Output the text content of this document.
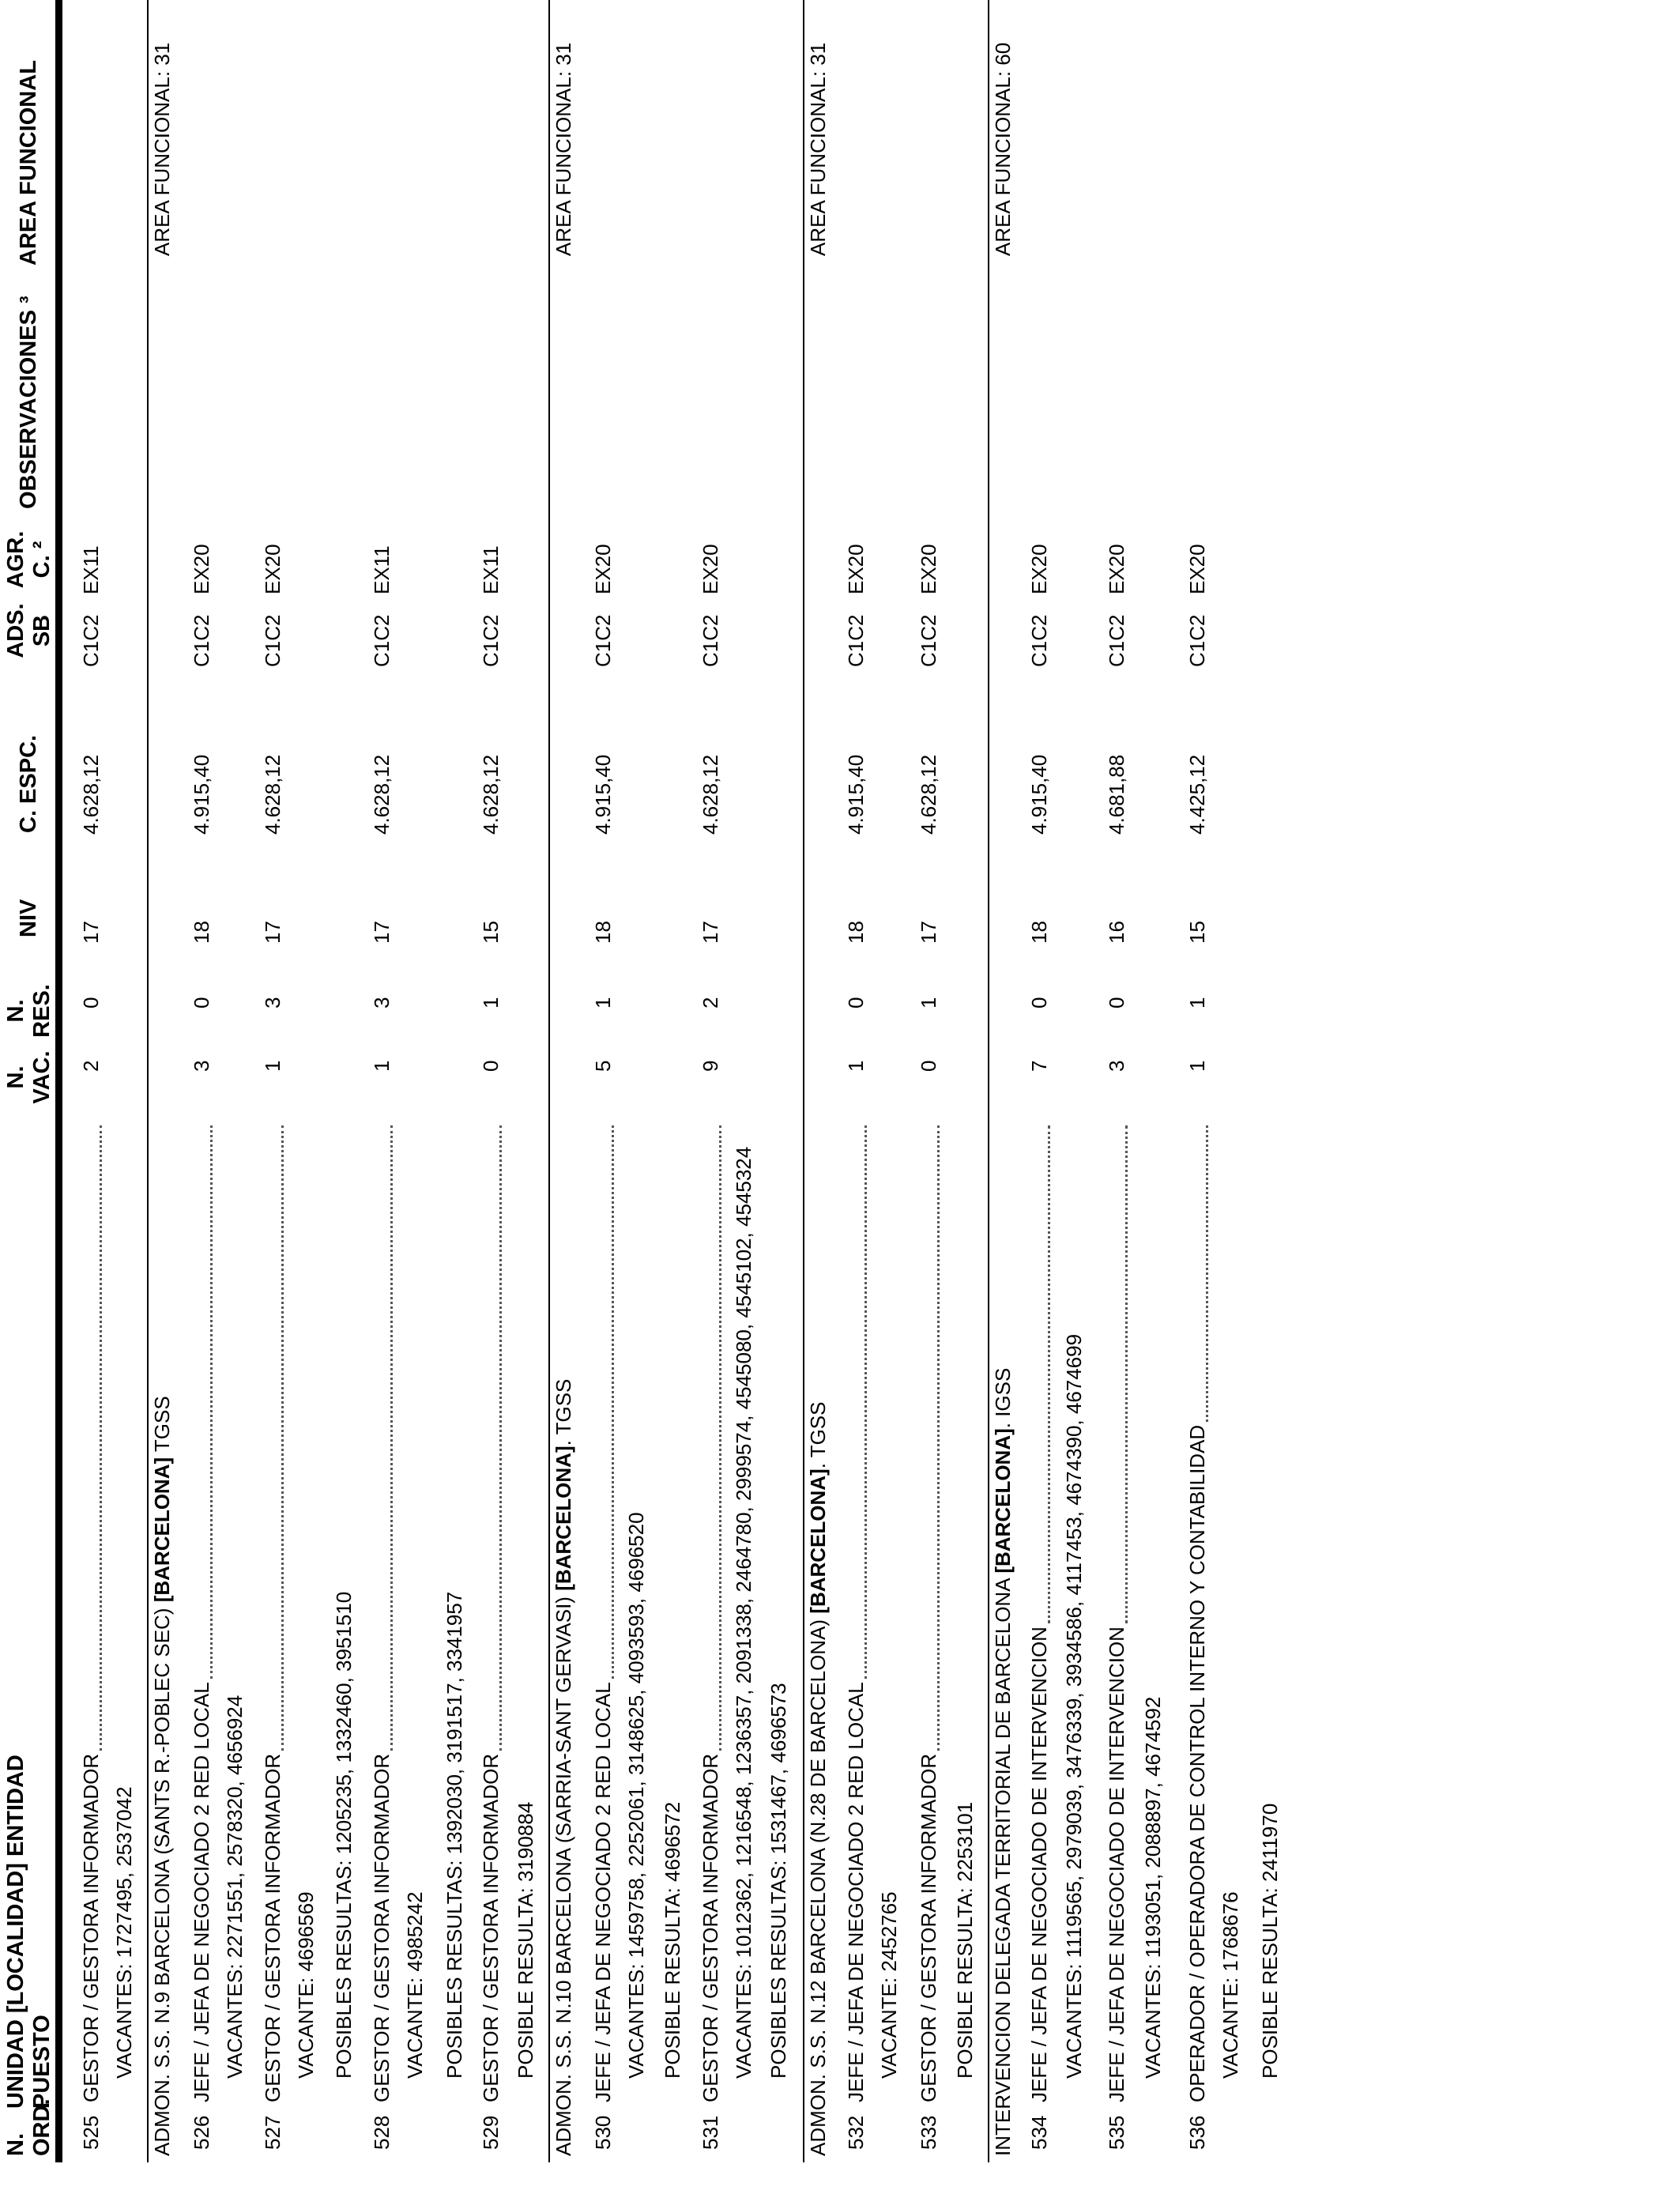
N.
ORD.
UNIDAD [LOCALIDAD] ENTIDAD
PUESTO
N.
VAC.
N.
RES.
NIV
C. ESPC.
ADS.
SB
AGR.
C. ²
OBSERVACIONES ³
AREA FUNCIONAL
525
GESTOR / GESTORA INFORMADOR
2
0
17
4.628,12
C1C2
EX11
VACANTES: 1727495, 2537042 ADMON. S.S. N.9 BARCELONA (SANTS R.-POBLEC SEC) [BARCELONA] TGSS
AREA FUNCIONAL: 31
526
JEFE / JEFA DE NEGOCIADO 2 RED LOCAL
3
0
18
4.915,40
C1C2
EX20
VACANTES: 2271551, 2578320, 4656924
527
GESTOR / GESTORA INFORMADOR
1
3
17
4.628,12
C1C2
EX20
VACANTE: 4696569 POSIBLES RESULTAS: 1205235, 1332460, 3951510
528
GESTOR / GESTORA INFORMADOR
1
3
17
4.628,12
C1C2
EX11
VACANTE: 4985242 POSIBLES RESULTAS: 1392030, 3191517, 3341957
529
GESTOR / GESTORA INFORMADOR
0
1
15
4.628,12
C1C2
EX11
POSIBLE RESULTA: 3190884 ADMON. S.S. N.10 BARCELONA (SARRIA-SANT GERVASI) [BARCELONA]. TGSS
AREA FUNCIONAL: 31
530
JEFE / JEFA DE NEGOCIADO 2 RED LOCAL
5
1
18
4.915,40
C1C2
EX20
VACANTES: 1459758, 2252061, 3148625, 4093593, 4696520 POSIBLE RESULTA: 4696572
531
GESTOR / GESTORA INFORMADOR
9
2
17
4.628,12
C1C2
EX20
VACANTES: 1012362, 1216548, 1236357, 2091338, 2464780, 2999574, 4545080, 4545102, 4545324 POSIBLES RESULTAS: 1531467, 4696573 ADMON. S.S. N.12 BARCELONA (N.28 DE BARCELONA) [BARCELONA]. TGSS
AREA FUNCIONAL: 31
532
JEFE / JEFA DE NEGOCIADO 2 RED LOCAL
1
0
18
4.915,40
C1C2
EX20
VACANTE: 2452765
533
GESTOR / GESTORA INFORMADOR
0
1
17
4.628,12
C1C2
EX20
POSIBLE RESULTA: 2253101 INTERVENCION DELEGADA TERRITORIAL DE BARCELONA [BARCELONA]. IGSS
AREA FUNCIONAL: 60
534
JEFE / JEFA DE NEGOCIADO DE INTERVENCION
7
0
18
4.915,40
C1C2
EX20
VACANTES: 1119565, 2979039, 3476339, 3934586, 4117453, 4674390, 4674699
535
JEFE / JEFA DE NEGOCIADO DE INTERVENCION
3
0
16
4.681,88
C1C2
EX20
VACANTES: 1193051, 2088897, 4674592
536
OPERADOR / OPERADORA DE CONTROL INTERNO Y CONTABILIDAD
1
1
15
4.425,12
C1C2
EX20
VACANTE: 1768676 POSIBLE RESULTA: 2411970
